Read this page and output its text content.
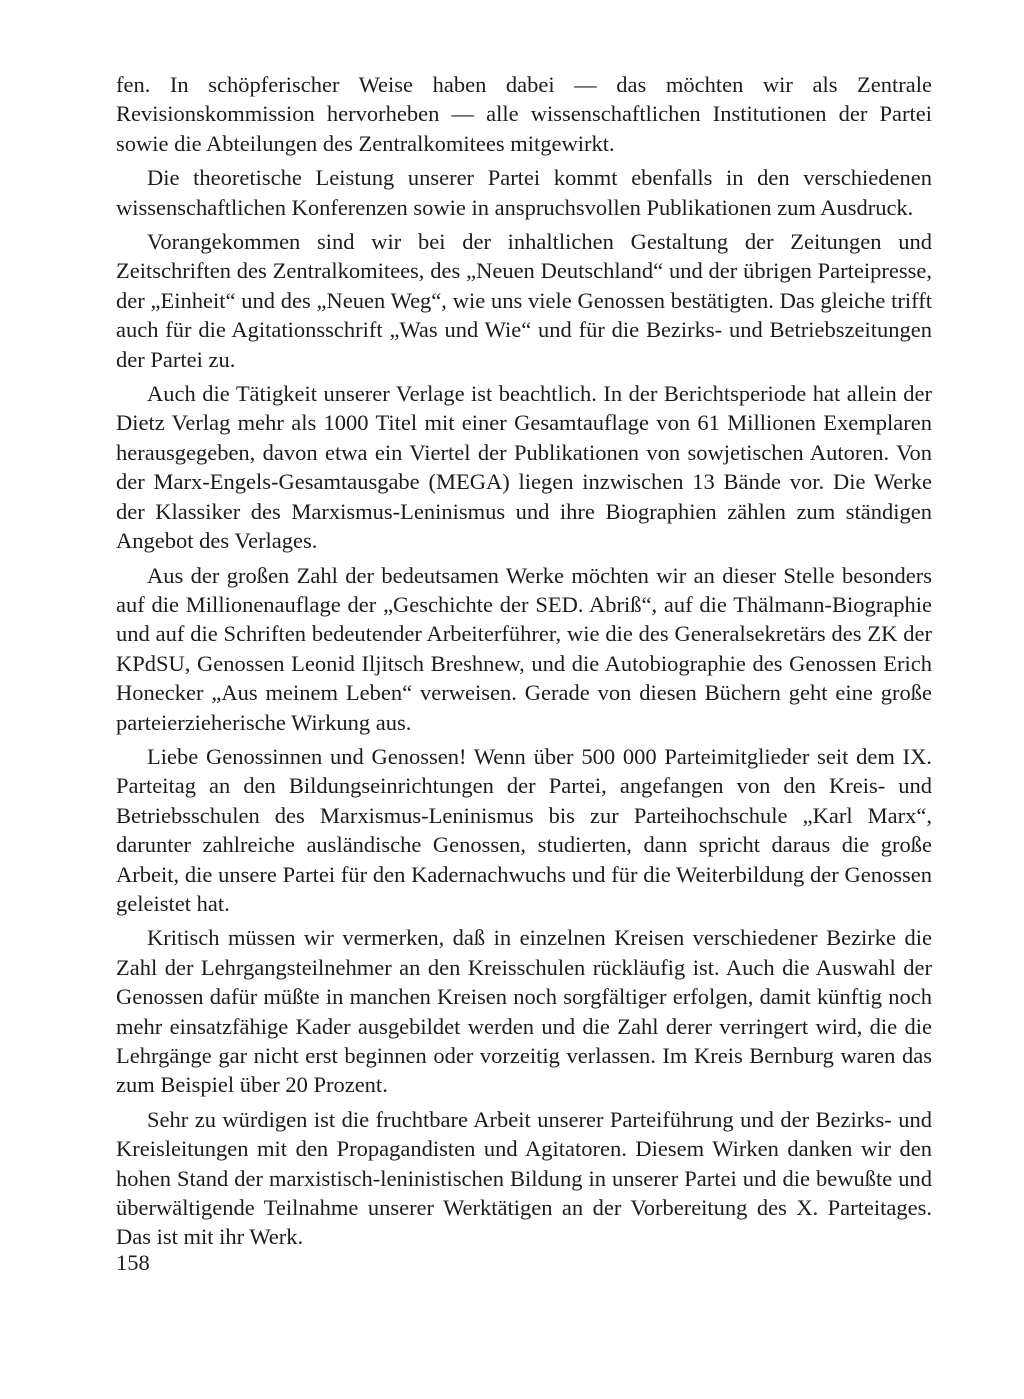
fen. In schöpferischer Weise haben dabei — das möchten wir als Zentrale Revisionskommission hervorheben — alle wissenschaftlichen Institutionen der Partei sowie die Abteilungen des Zentralkomitees mitgewirkt.

Die theoretische Leistung unserer Partei kommt ebenfalls in den verschiedenen wissenschaftlichen Konferenzen sowie in anspruchsvollen Publikationen zum Ausdruck.

Vorangekommen sind wir bei der inhaltlichen Gestaltung der Zeitungen und Zeitschriften des Zentralkomitees, des „Neuen Deutschland“ und der übrigen Parteipresse, der „Einheit“ und des „Neuen Weg“, wie uns viele Genossen bestätigten. Das gleiche trifft auch für die Agitationsschrift „Was und Wie“ und für die Bezirks- und Betriebszeitungen der Partei zu.

Auch die Tätigkeit unserer Verlage ist beachtlich. In der Berichtsperiode hat allein der Dietz Verlag mehr als 1000 Titel mit einer Gesamtauflage von 61 Millionen Exemplaren herausgegeben, davon etwa ein Viertel der Publikationen von sowjetischen Autoren. Von der Marx-Engels-Gesamtausgabe (MEGA) liegen inzwischen 13 Bände vor. Die Werke der Klassiker des Marxismus-Leninismus und ihre Biographien zählen zum ständigen Angebot des Verlages.

Aus der großen Zahl der bedeutsamen Werke möchten wir an dieser Stelle besonders auf die Millionenauflage der „Geschichte der SED. Abriß“, auf die Thälmann-Biographie und auf die Schriften bedeutender Arbeiterführer, wie die des Generalsekretärs des ZK der KPdSU, Genossen Leonid Iljitsch Breshnew, und die Autobiographie des Genossen Erich Honecker „Aus meinem Leben“ verweisen. Gerade von diesen Büchern geht eine große parteierzieherische Wirkung aus.

Liebe Genossinnen und Genossen! Wenn über 500 000 Parteimitglieder seit dem IX. Parteitag an den Bildungseinrichtungen der Partei, angefangen von den Kreis- und Betriebsschulen des Marxismus-Leninismus bis zur Parteihochschule „Karl Marx“, darunter zahlreiche ausländische Genossen, studierten, dann spricht daraus die große Arbeit, die unsere Partei für den Kadernachwuchs und für die Weiterbildung der Genossen geleistet hat.

Kritisch müssen wir vermerken, daß in einzelnen Kreisen verschiedener Bezirke die Zahl der Lehrgangsteilnehmer an den Kreisschulen rückläufig ist. Auch die Auswahl der Genossen dafür müßte in manchen Kreisen noch sorgfältiger erfolgen, damit künftig noch mehr einsatzfähige Kader ausgebildet werden und die Zahl derer verringert wird, die die Lehrgänge gar nicht erst beginnen oder vorzeitig verlassen. Im Kreis Bernburg waren das zum Beispiel über 20 Prozent.

Sehr zu würdigen ist die fruchtbare Arbeit unserer Parteiführung und der Bezirks- und Kreisleitungen mit den Propagandisten und Agitatoren. Diesem Wirken danken wir den hohen Stand der marxistisch-leninistischen Bildung in unserer Partei und die bewußte und überwältigende Teilnahme unserer Werktätigen an der Vorbereitung des X. Parteitages. Das ist mit ihr Werk.

158
